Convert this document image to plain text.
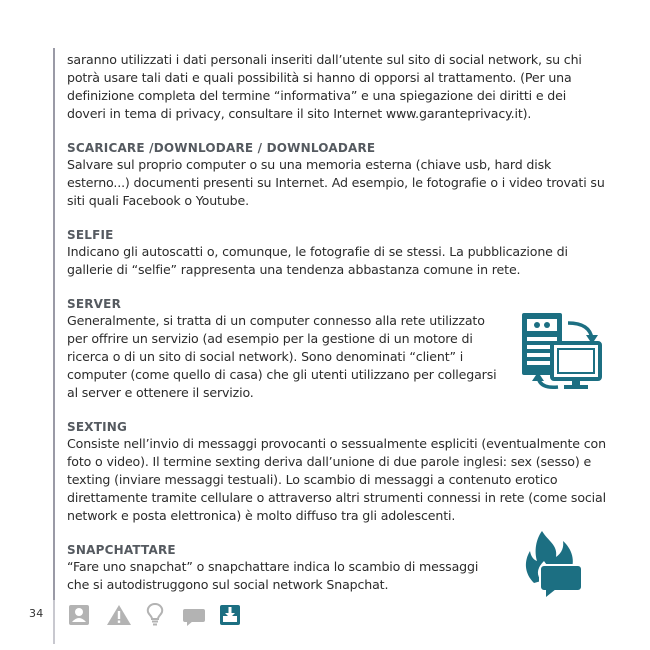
saranno utilizzati i dati personali inseriti dall’utente sul sito di social network, su chi potrà usare tali dati e quali possibilità si hanno di opporsi al trattamento. (Per una definizione completa del termine “informativa” e una spiegazione dei diritti e dei doveri in tema di privacy, consultare il sito Internet www.garanteprivacy.it).

SCARICARE /DOWNLODARE / DOWNLOADARE

Salvare sul proprio computer o su una memoria esterna (chiave usb, hard disk esterno...) documenti presenti su Internet. Ad esempio, le fotografie o i video trovati su siti quali Facebook o Youtube.

SELFIE

Indicano gli autoscatti o, comunque, le fotografie di se stessi. La pubblicazione di gallerie di “selfie” rappresenta una tendenza abbastanza comune in rete.

SERVER

Generalmente, si tratta di un computer connesso alla rete utilizzato per offrire un servizio (ad esempio per la gestione di un motore di ricerca o di un sito di social network). Sono denominati “client” i computer (come quello di casa) che gli utenti utilizzano per collegarsi al server e ottenere il servizio.

SEXTING

Consiste nell’invio di messaggi provocanti o sessualmente espliciti (eventualmente con foto o video). Il termine sexting deriva dall’unione di due parole inglesi: sex (sesso) e texting (inviare messaggi testuali). Lo scambio di messaggi a contenuto erotico direttamente tramite cellulare o attraverso altri strumenti connessi in rete (come social network e posta elettronica) è molto diffuso tra gli adolescenti.

SNAPCHATTARE

“Fare uno snapchat” o snapchattare indica lo scambio di messaggi che si autodistruggono sul social network Snapchat.

34
